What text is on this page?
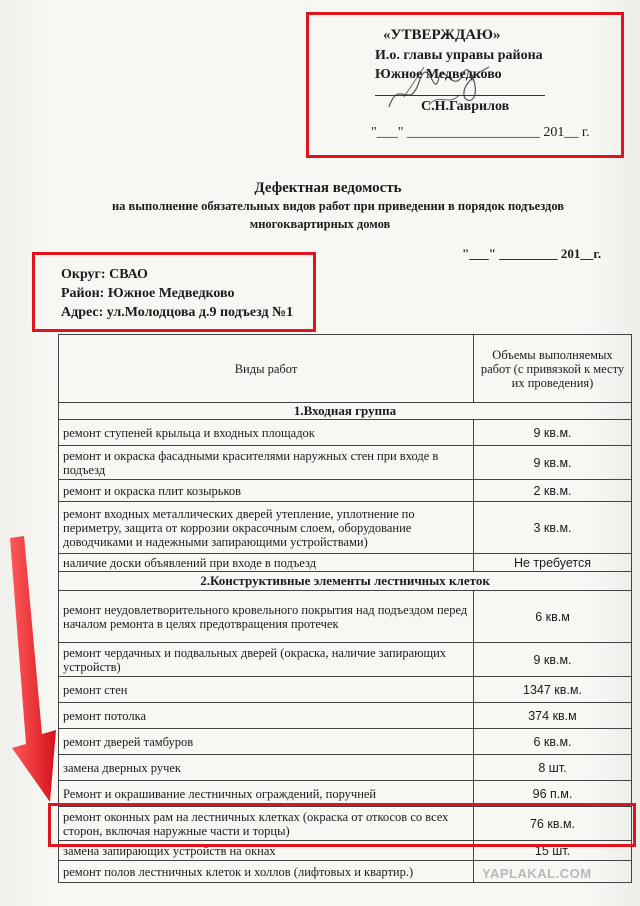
«УТВЕРЖДАЮ»
И.о. главы управы района
Южное Медведково
С.Н.Гаврилов
"___" ___________________ 201__ г.
Дефектная ведомость
на выполнение обязательных видов работ при приведении в порядок подъездов
многоквартирных домов
"___" _________ 201__г.
Округ: СВАО
Район: Южное Медведково
Адрес: ул.Молодцова д.9 подъезд №1
Виды работ	Объемы выполняемых работ (с привязкой к месту их проведения)
1.Входная группа	
ремонт ступеней крыльца и входных площадок	9 кв.м.
ремонт и окраска фасадными красителями наружных стен при входе в подъезд	9 кв.м.
ремонт и окраска плит козырьков	2 кв.м.
ремонт входных металлических дверей утепление, уплотнение по периметру, защита от коррозии окрасочным слоем, оборудование доводчиками и надежными запирающими устройствами)	3 кв.м.
наличие доски объявлений при входе в подъезд	Не требуется
2.Конструктивные элементы лестничных клеток	
ремонт неудовлетворительного кровельного покрытия над подъездом перед началом ремонта в целях предотвращения протечек	6 кв.м
ремонт чердачных и подвальных дверей (окраска, наличие запирающих устройств)	9 кв.м.
ремонт стен	1347 кв.м.
ремонт потолка	374 кв.м
ремонт дверей тамбуров	6 кв.м.
замена дверных ручек	8 шт.
Ремонт и окрашивание лестничных ограждений, поручней	96 п.м.
ремонт оконных рам на лестничных клетках (окраска от откосов со всех сторон, включая наружные части и торцы)	76 кв.м.
замена запирающих устройств на окнах	15 шт.
ремонт полов лестничных клеток и холлов (лифтовых и квартир.)		YAPLAKAL.COM
